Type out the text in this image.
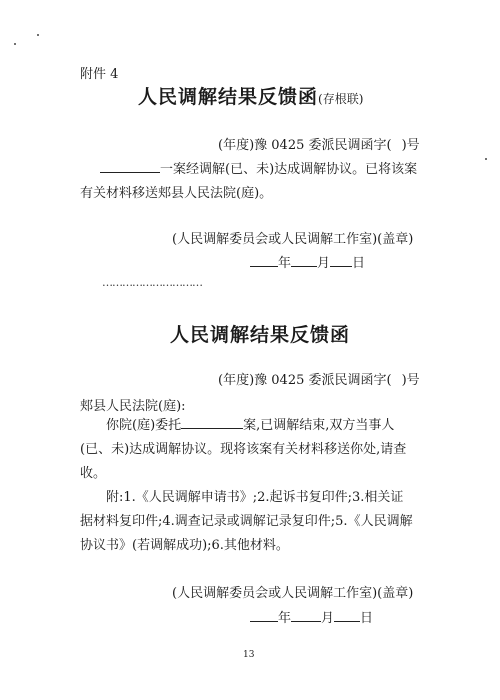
附件 4
人民调解结果反馈函(存根联)
(年度)豫 0425 委派民调函字( )号
一案经调解(已、未)达成调解协议。已将该案
有关材料移送郏县人民法院(庭)。
(人民调解委员会或人民调解工作室)(盖章)
年 月 日
…………………………
人民调解结果反馈函
(年度)豫 0425 委派民调函字( )号
郏县人民法院(庭):
你院(庭)委托	案,已调解结束,双方当事人
(已、未)达成调解协议。现将该案有关材料移送你处,请查
收。
附:1.《人民调解申请书》;2.起诉书复印件;3.相关证
据材料复印件;4.调查记录或调解记录复印件;5.《人民调解
协议书》(若调解成功);6.其他材料。
(人民调解委员会或人民调解工作室)(盖章)
年 月 日
13
